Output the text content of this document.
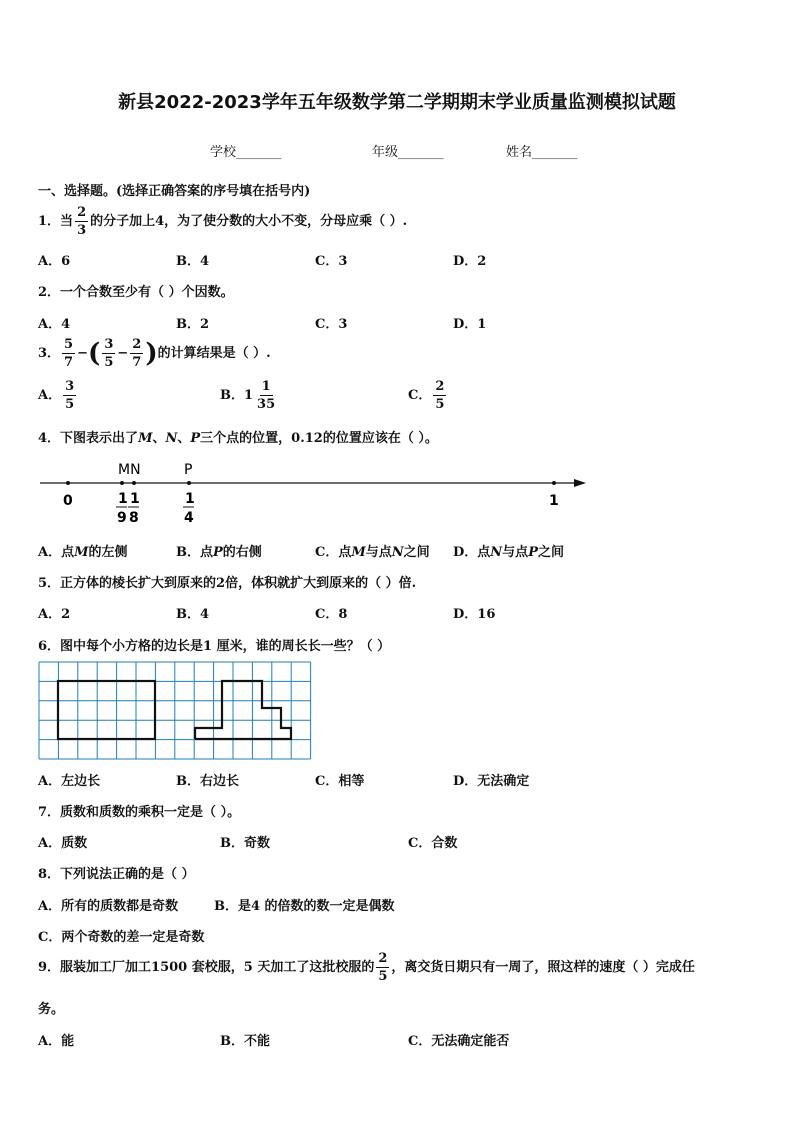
新县2022-2023学年五年级数学第二学期期末学业质量监测模拟试题
学校_______	年级_______	姓名_______
一、选择题。(选择正确答案的序号填在括号内)
1．当 $\frac{2}{3}$ 的分子加上4，为了使分数的大小不变，分母应乘（ ）.
A．6	B．4	C．3	D．2
2．一个合数至少有（ ）个因数。
A．4	B．2	C．3	D．1
3． $\frac{5}{7}$ −( $\frac{3}{5} - \frac{2}{7}$ )的计算结果是（ ）.
A． $\frac{3}{5}$	B． $1 \frac{1}{35}$	C． $\frac{2}{5}$
4．下图表示出了M、N、P三个点的位置，0.12的位置应该在（ ）。
MN	P
0	1
1
9
1
8
1
4
A．点M的左侧	B．点P的右侧	C．点M与点N之间 D．点N与点P之间
5．正方体的棱长扩大到原来的2倍，体积就扩大到原来的（ ）倍.
A．2	B．4	C．8	D．16
6．图中每个小方格的边长是1 厘米，谁的周长长一些？（ ）
A．左边长	B．右边长	C．相等	D．无法确定
7．质数和质数的乘积一定是（ ）。
A．质数	B．奇数	C．合数
8．下列说法正确的是（ ）
A．所有的质数都是奇数	B．是4 的倍数的数一定是偶数
C．两个奇数的差一定是奇数
9．服装加工厂加工1500 套校服，5 天加工了这批校服的 $\frac{2}{5}$ ，离交货日期只有一周了，照这样的速度（ ）完成任
务。
A．能	B．不能	C．无法确定能否
